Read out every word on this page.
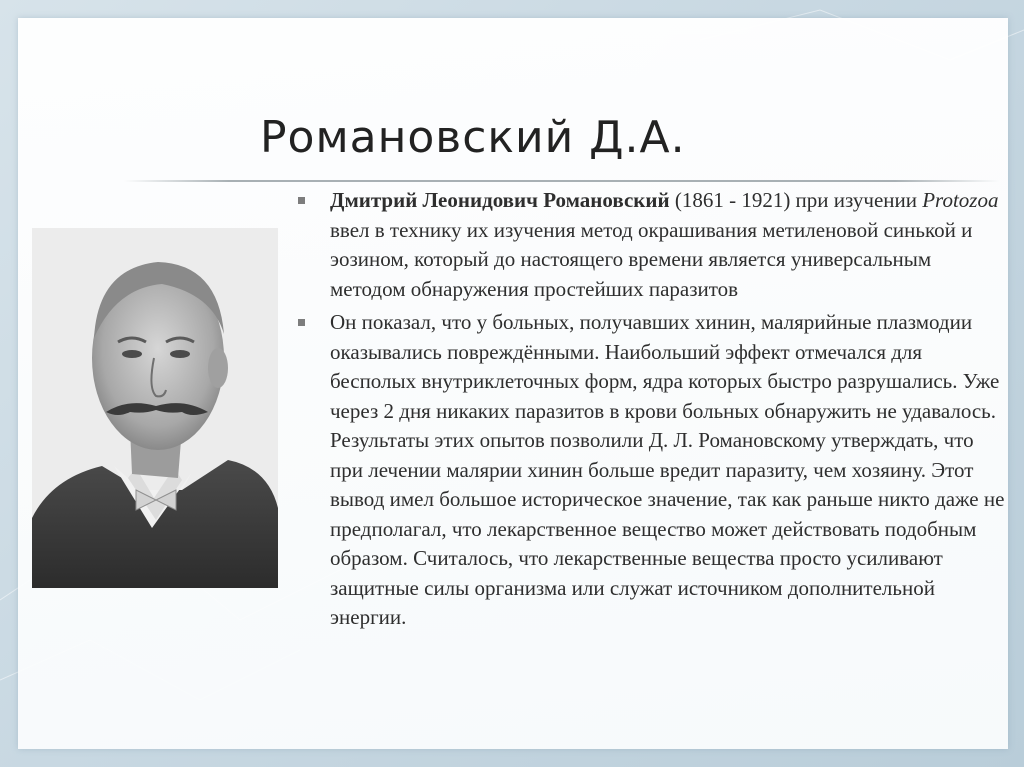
Романовский Д.А.

Дмитрий Леонидович Романовский (1861 - 1921) при изучении Protozoa ввел в технику их изучения метод окрашивания метиленовой синькой и эозином, который до настоящего времени является универсальным методом обнаружения простейших паразитов

Он показал, что у больных, получавших хинин, малярийные плазмодии оказывались повреждёнными. Наибольший эффект отмечался для бесполых внутриклеточных форм, ядра которых быстро разрушались. Уже через 2 дня никаких паразитов в крови больных обнаружить не удавалось. Результаты этих опытов позволили Д. Л. Романовскому утверждать, что при лечении малярии хинин больше вредит паразиту, чем хозяину. Этот вывод имел большое историческое значение, так как раньше никто даже не предполагал, что лекарственное вещество может действовать подобным образом. Считалось, что лекарственные вещества просто усиливают защитные силы организма или служат источником дополнительной энергии.
